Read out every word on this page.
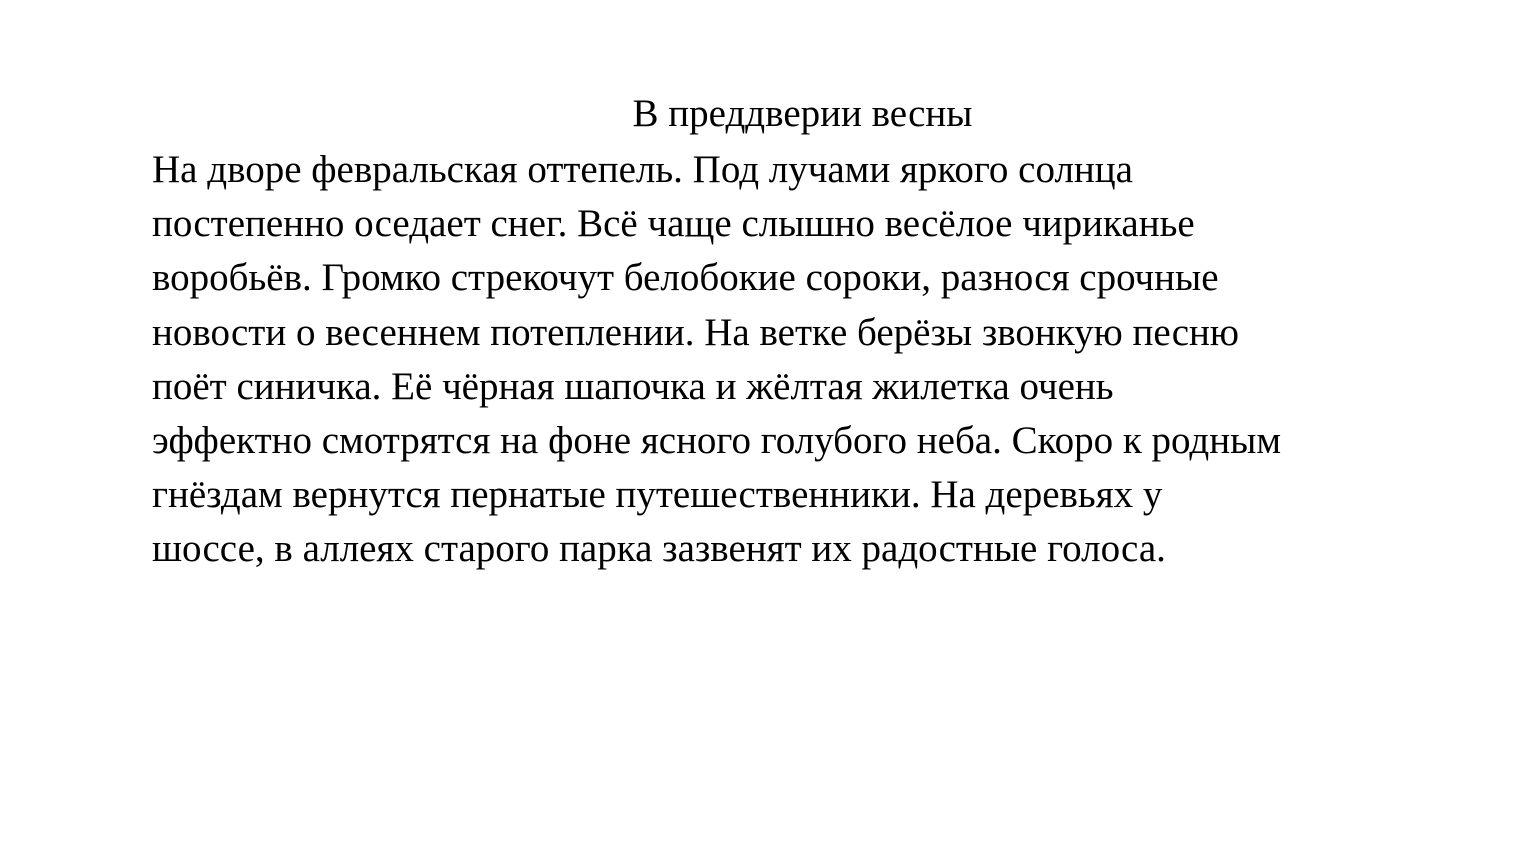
В преддверии весны
На дворе февральская оттепель. Под лучами яркого солнца
постепенно оседает снег. Всё чаще слышно весёлое чириканье
воробьёв. Громко стрекочут белобокие сороки, разнося срочные
новости о весеннем потеплении. На ветке берёзы звонкую песню
поёт синичка. Её чёрная шапочка и жёлтая жилетка очень
эффектно смотрятся на фоне ясного голубого неба. Скоро к родным
гнёздам вернутся пернатые путешественники. На деревьях у
шоссе, в аллеях старого парка зазвенят их радостные голоса.
